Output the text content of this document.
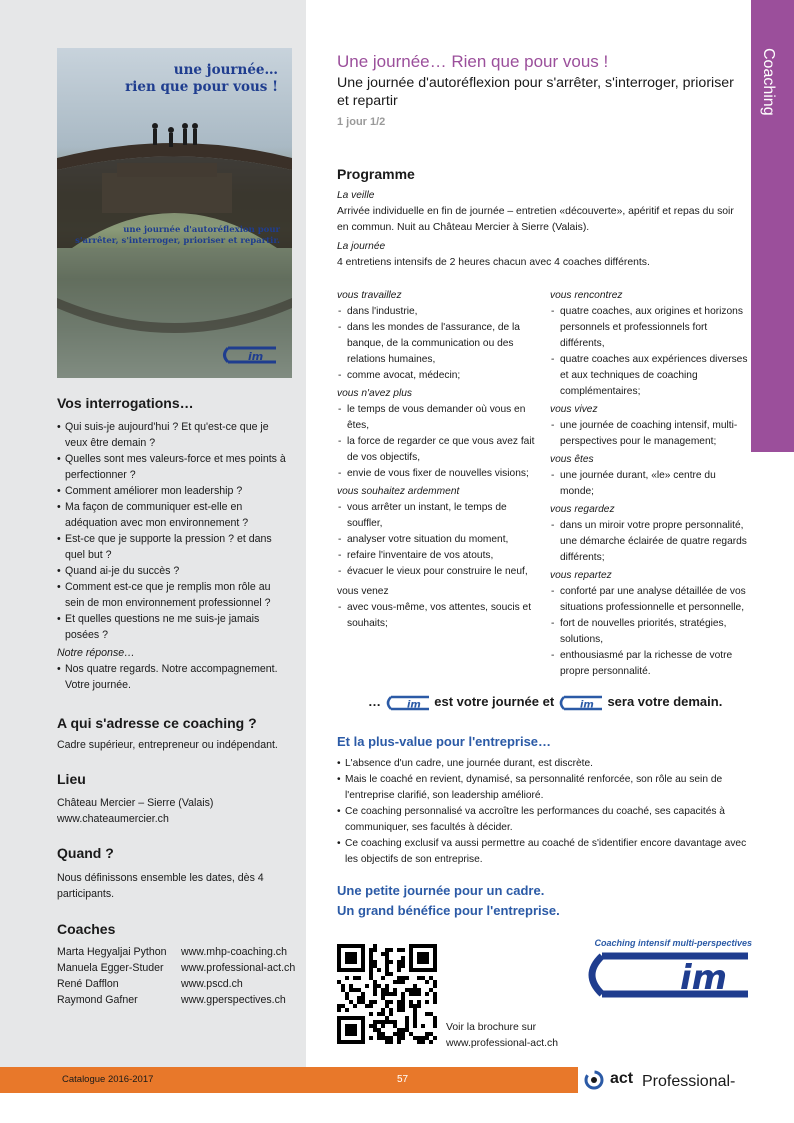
une journée…
rien que pour vous !
une journée d'autoréflexion pour
s'arrêter, s'interroger, prioriser et repartir.
im
Vos interrogations…
• Qui suis-je aujourd'hui ? Et qu'est-ce que je veux être demain ?
• Quelles sont mes valeurs-force et mes points à perfectionner ?
• Comment améliorer mon leadership ?
• Ma façon de communiquer est-elle en adéquation avec mon environnement ?
• Est-ce que je supporte la pression ? et dans quel but ?
• Quand ai-je du succès ?
• Comment est-ce que je remplis mon rôle au sein de mon environnement professionnel ?
• Et quelles questions ne me suis-je jamais posées ?
Notre réponse…
• Nos quatre regards. Notre accompagnement. Votre journée.
A qui s'adresse ce coaching ?
Cadre supérieur, entrepreneur ou indépendant.
Lieu
Château Mercier – Sierre (Valais)
www.chateaumercier.ch
Quand ?
Nous définissons ensemble les dates, dès 4 participants.
Coaches
Marta Hegyaljai Python	www.mhp-coaching.ch
Manuela Egger-Studer	www.professional-act.ch
René Dafflon	www.pscd.ch
Raymond Gafner	www.gperspectives.ch
Coaching
Une journée… Rien que pour vous !
Une journée d'autoréflexion pour s'arrêter, s'interroger, prioriser et repartir
1 jour 1/2
Programme
La veille
Arrivée individuelle en fin de journée – entretien «découverte», apéritif et repas du soir en commun. Nuit au Château Mercier à Sierre (Valais).
La journée
4 entretiens intensifs de 2 heures chacun avec 4 coaches différents.
vous travaillez
- dans l'industrie,
- dans les mondes de l'assurance, de la banque, de la communication ou des relations humaines,
- comme avocat, médecin;
vous n'avez plus
- le temps de vous demander où vous en êtes,
- la force de regarder ce que vous avez fait de vos objectifs,
- envie de vous fixer de nouvelles visions;
vous souhaitez ardemment
- vous arrêter un instant, le temps de souffler,
- analyser votre situation du moment,
- refaire l'inventaire de vos atouts,
- évacuer le vieux pour construire le neuf,
vous venez
- avec vous-même, vos attentes, soucis et souhaits;
vous rencontrez
- quatre coaches, aux origines et horizons personnels et professionnels fort différents,
- quatre coaches aux expériences diverses et aux techniques de coaching complémentaires;
vous vivez
- une journée de coaching intensif, multi-perspectives pour le management;
vous êtes
- une journée durant, «le» centre du monde;
vous regardez
- dans un miroir votre propre personnalité, une démarche éclairée de quatre regards différents;
vous repartez
- conforté par une analyse détaillée de vos situations professionnelle et personnelle,
- fort de nouvelles priorités, stratégies, solutions,
- enthousiasmé par la richesse de votre propre personnalité.
…	im est votre journée et	im sera votre demain.
Et la plus-value pour l'entreprise…
• L'absence d'un cadre, une journée durant, est discrète.
• Mais le coaché en revient, dynamisé, sa personnalité renforcée, son rôle au sein de l'entreprise clarifié, son leadership amélioré.
• Ce coaching personnalisé va accroître les performances du coaché, ses capacités à communiquer, ses facultés à décider.
• Ce coaching exclusif va aussi permettre au coaché de s'identifier encore davantage avec les objectifs de son entreprise.
Une petite journée pour un cadre.
Un grand bénéfice pour l'entreprise.
Voir la brochure sur
www.professional-act.ch
Coaching intensif multi-perspectives
im
Catalogue 2016-2017	57	Professional-
act
